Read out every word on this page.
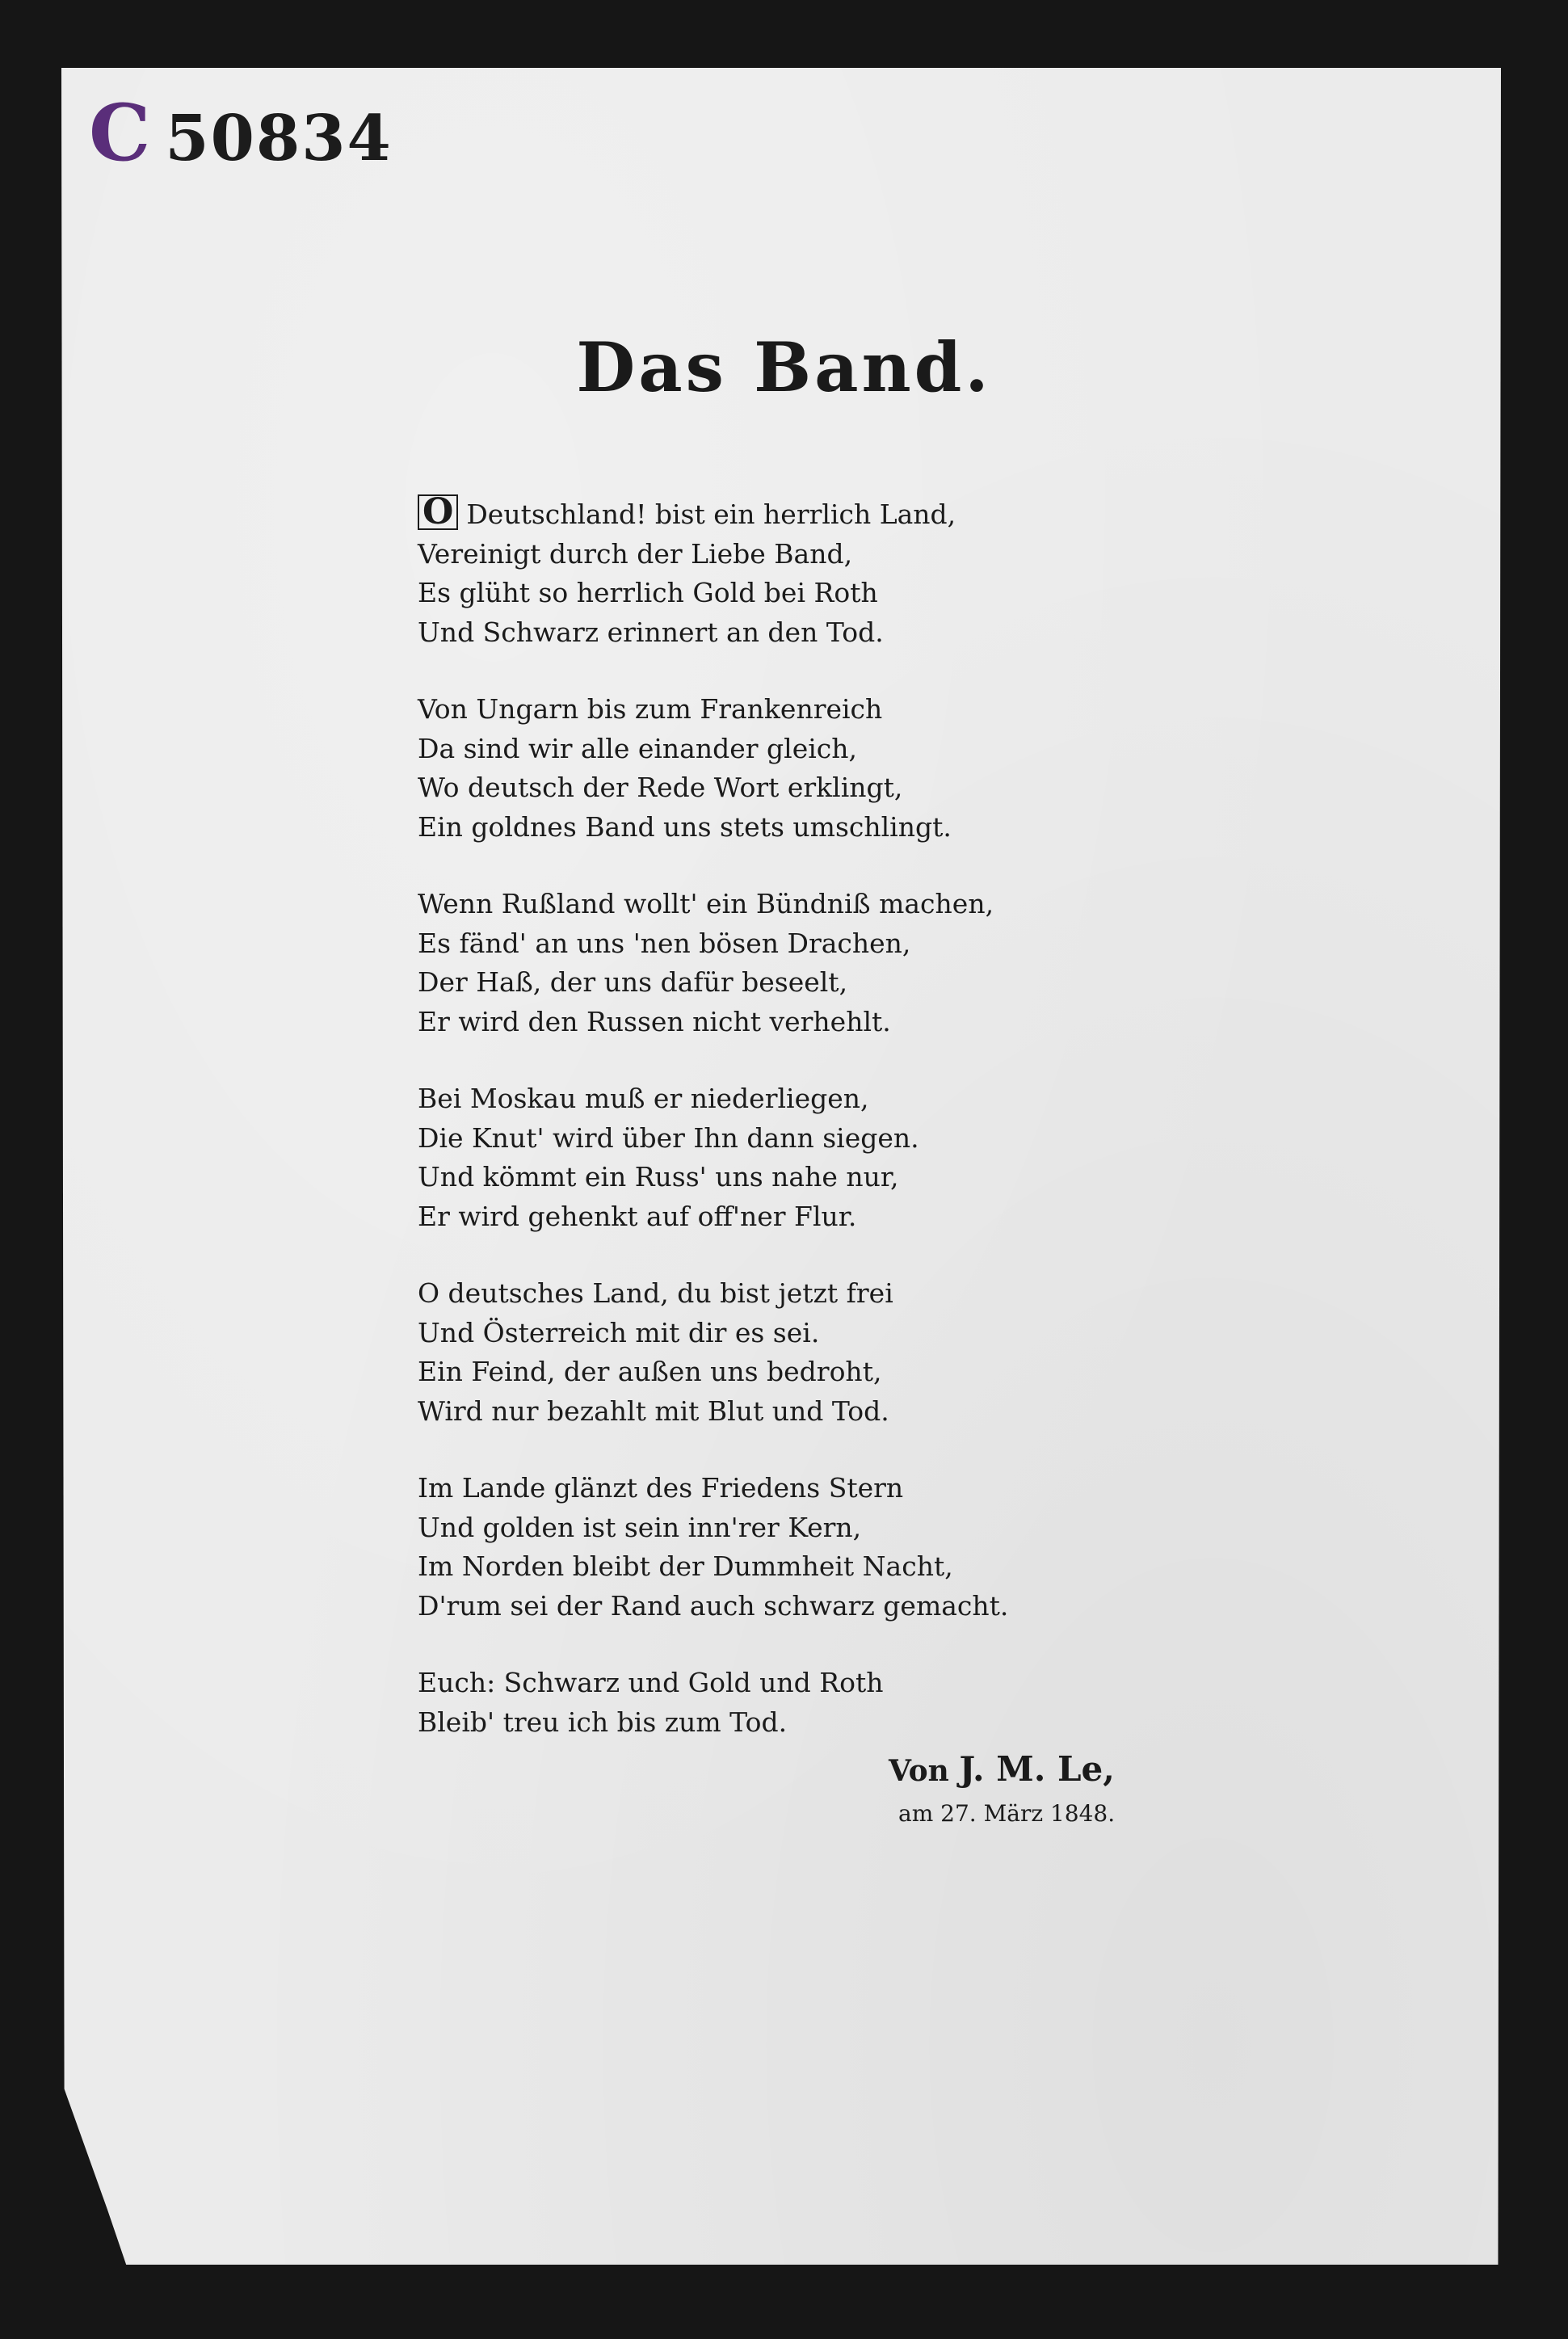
C 50834
Das Band.
O Deutschland! bist ein herrlich Land,
Vereinigt durch der Liebe Band,
Es glüht so herrlich Gold bei Roth
Und Schwarz erinnert an den Tod.
Von Ungarn bis zum Frankenreich
Da sind wir alle einander gleich,
Wo deutsch der Rede Wort erklingt,
Ein goldnes Band uns stets umschlingt.
Wenn Rußland wollt' ein Bündniß machen,
Es fänd' an uns 'nen bösen Drachen,
Der Haß, der uns dafür beseelt,
Er wird den Russen nicht verhehlt.
Bei Moskau muß er niederliegen,
Die Knut' wird über Ihn dann siegen.
Und kömmt ein Russ' uns nahe nur,
Er wird gehenkt auf off'ner Flur.
O deutsches Land, du bist jetzt frei
Und Österreich mit dir es sei.
Ein Feind, der außen uns bedroht,
Wird nur bezahlt mit Blut und Tod.
Im Lande glänzt des Friedens Stern
Und golden ist sein inn'rer Kern,
Im Norden bleibt der Dummheit Nacht,
D'rum sei der Rand auch schwarz gemacht.
Euch: Schwarz und Gold und Roth
Bleib' treu ich bis zum Tod.
Von J. M. Le,
am 27. März 1848.
